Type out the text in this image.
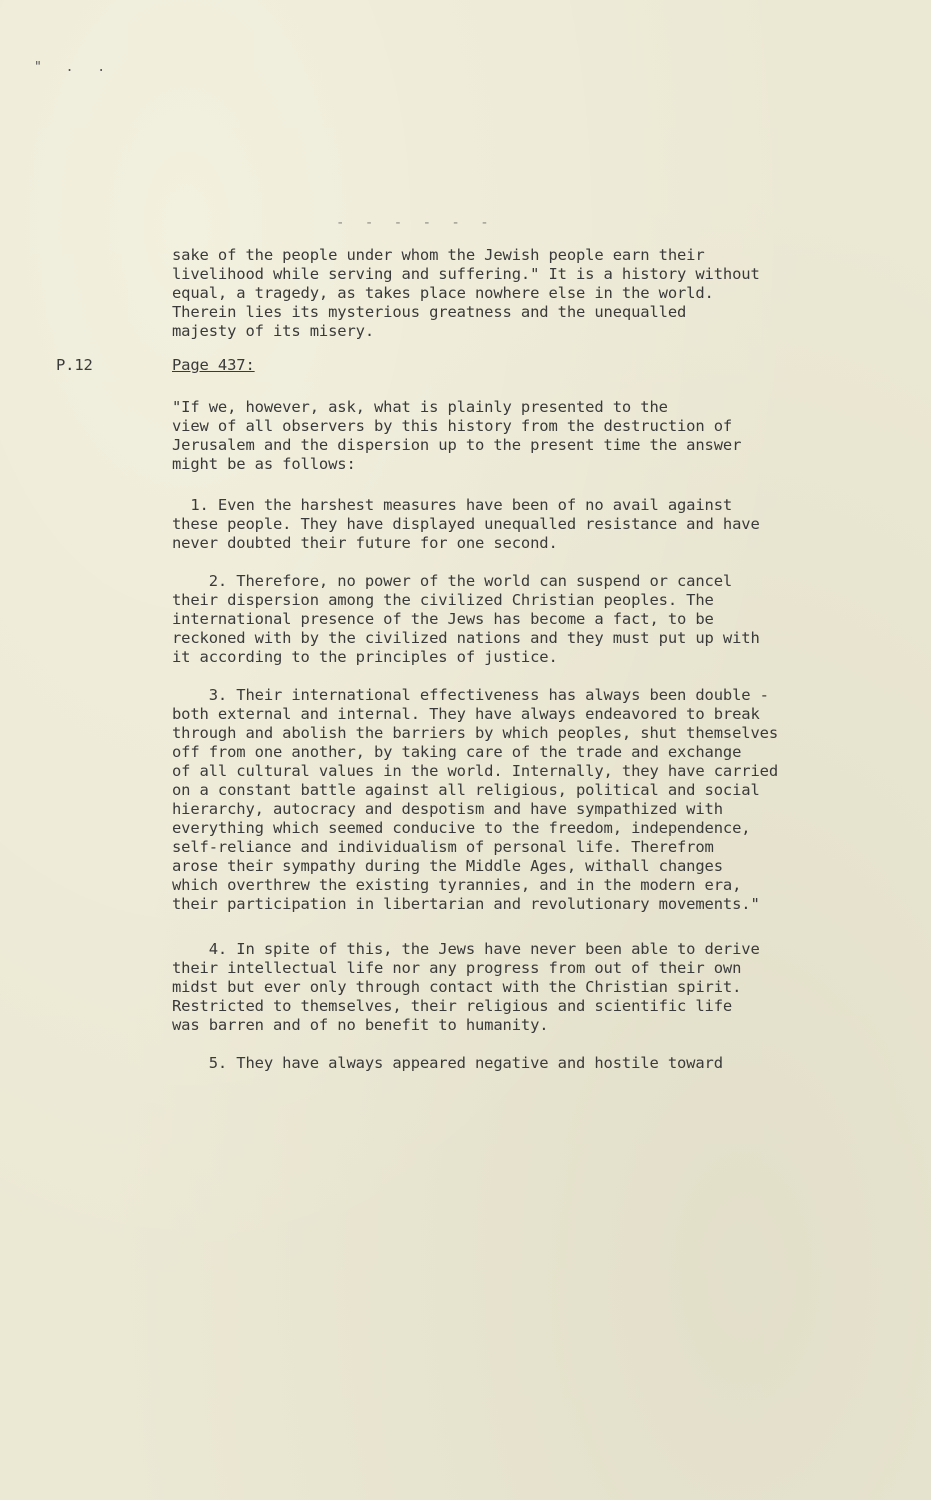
" . .
- - - - - -
sake of the people under whom the Jewish people earn their
livelihood while serving and suffering." It is a history without
equal, a tragedy, as takes place nowhere else in the world.
Therein lies its mysterious greatness and the unequalled
majesty of its misery.
P.12	Page 437:
"If we, however, ask, what is plainly presented to the
view of all observers by this history from the destruction of
Jerusalem and the dispersion up to the present time the answer
might be as follows:
1. Even the harshest measures have been of no avail against
these people. They have displayed unequalled resistance and have
never doubted their future for one second.
2. Therefore, no power of the world can suspend or cancel
their dispersion among the civilized Christian peoples. The
international presence of the Jews has become a fact, to be
reckoned with by the civilized nations and they must put up with
it according to the principles of justice.
3. Their international effectiveness has always been double -
both external and internal. They have always endeavored to break
through and abolish the barriers by which peoples, shut themselves
off from one another, by taking care of the trade and exchange
of all cultural values in the world. Internally, they have carried
on a constant battle against all religious, political and social
hierarchy, autocracy and despotism and have sympathized with
everything which seemed conducive to the freedom, independence,
self-reliance and individualism of personal life. Therefrom
arose their sympathy during the Middle Ages, withall changes
which overthrew the existing tyrannies, and in the modern era,
their participation in libertarian and revolutionary movements."
4. In spite of this, the Jews have never been able to derive
their intellectual life nor any progress from out of their own
midst but ever only through contact with the Christian spirit.
Restricted to themselves, their religious and scientific life
was barren and of no benefit to humanity.
5. They have always appeared negative and hostile toward
